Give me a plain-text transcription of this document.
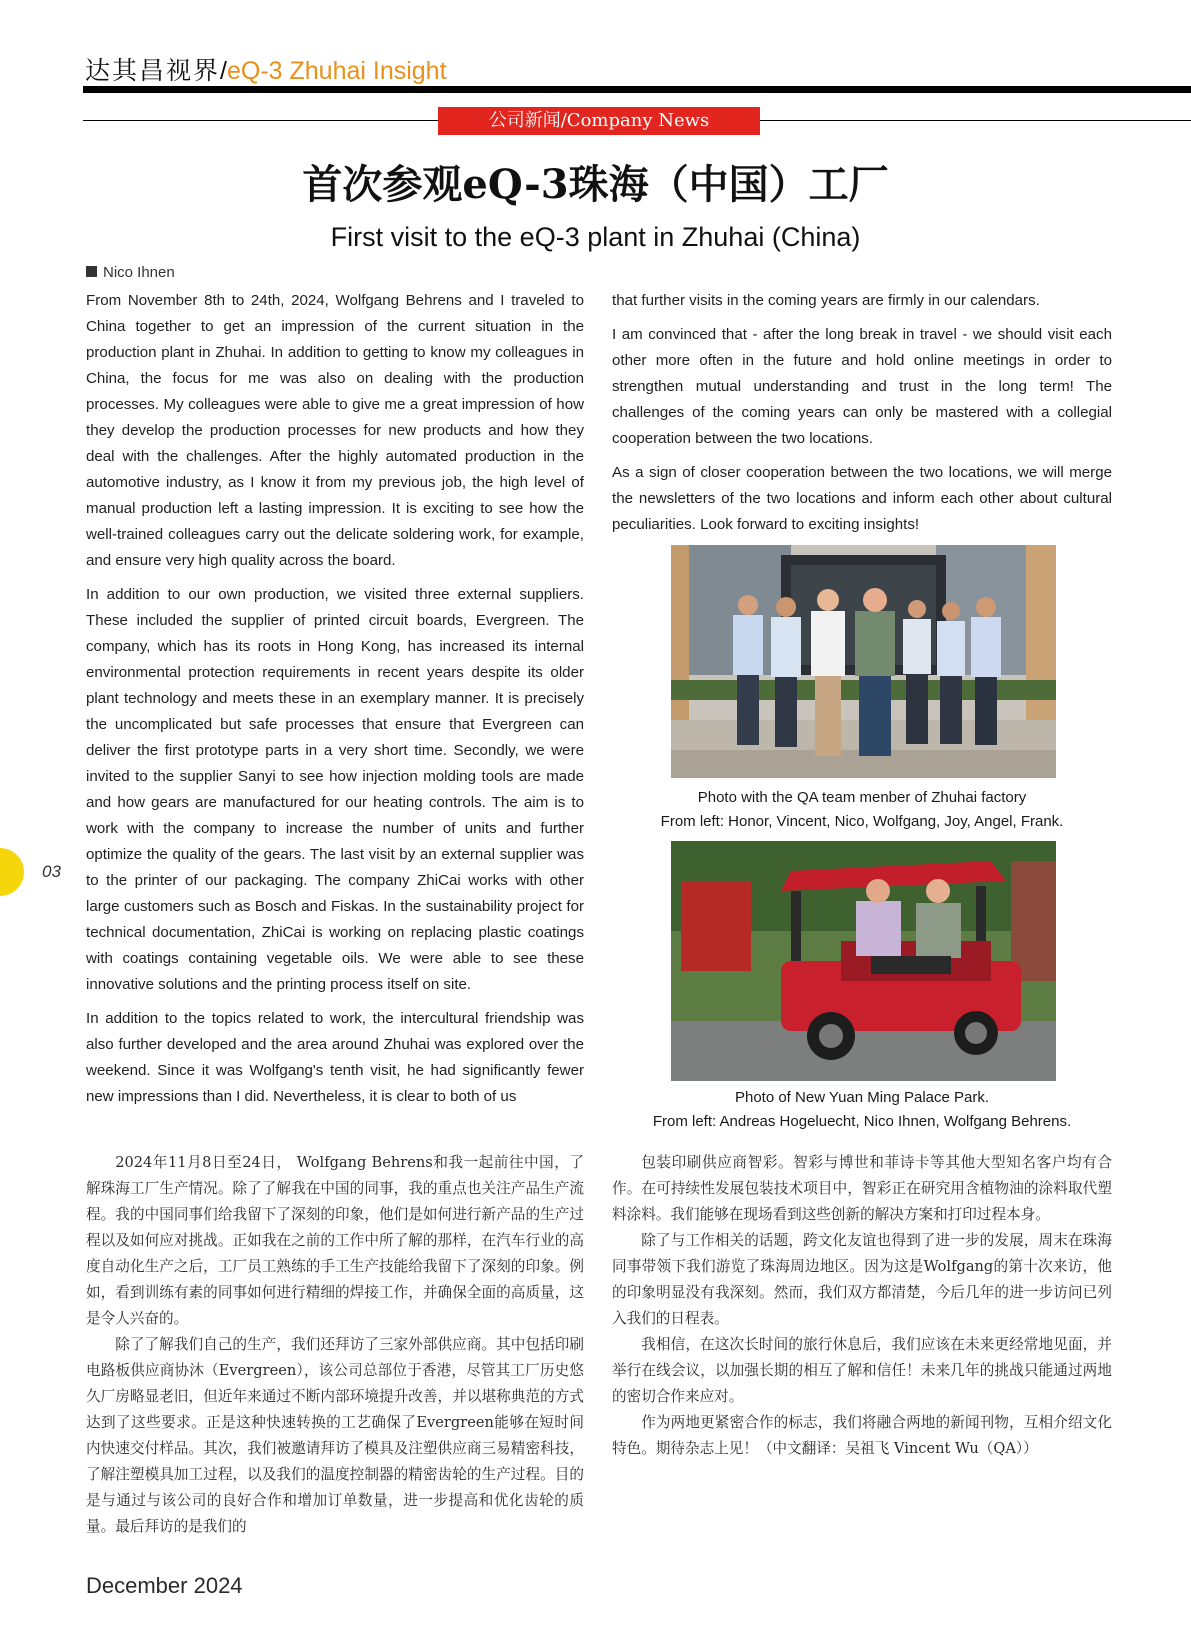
达其昌视界/eQ-3 Zhuhai Insight
公司新闻/Company News
首次参观eQ-3珠海（中国）工厂
First visit to the eQ-3 plant in Zhuhai (China)
Nico Ihnen

From November 8th to 24th, 2024, Wolfgang Behrens and I traveled to China together to get an impression of the current situation in the production plant in Zhuhai. In addition to getting to know my colleagues in China, the focus for me was also on dealing with the production processes. My colleagues were able to give me a great impression of how they develop the production processes for new products and how they deal with the challenges. After the highly automated production in the automotive industry, as I know it from my previous job, the high level of manual production left a lasting impression. It is exciting to see how the well-trained colleagues carry out the delicate soldering work, for example, and ensure very high quality across the board.

In addition to our own production, we visited three external suppliers. These included the supplier of printed circuit boards, Evergreen. The company, which has its roots in Hong Kong, has increased its internal environmental protection requirements in recent years despite its older plant technology and meets these in an exemplary manner. It is precisely the uncomplicated but safe processes that ensure that Evergreen can deliver the first prototype parts in a very short time. Secondly, we were invited to the supplier Sanyi to see how injection molding tools are made and how gears are manufactured for our heating controls. The aim is to work with the company to increase the number of units and further optimize the quality of the gears. The last visit by an external supplier was to the printer of our packaging. The company ZhiCai works with other large customers such as Bosch and Fiskas. In the sustainability project for technical documentation, ZhiCai is working on replacing plastic coatings with coatings containing vegetable oils. We were able to see these innovative solutions and the printing process itself on site.

In addition to the topics related to work, the intercultural friendship was also further developed and the area around Zhuhai was explored over the weekend. Since it was Wolfgang's tenth visit, he had significantly fewer new impressions than I did. Nevertheless, it is clear to both of us

that further visits in the coming years are firmly in our calendars.

I am convinced that - after the long break in travel - we should visit each other more often in the future and hold online meetings in order to strengthen mutual understanding and trust in the long term! The challenges of the coming years can only be mastered with a collegial cooperation between the two locations.

As a sign of closer cooperation between the two locations, we will merge the newsletters of the two locations and inform each other about cultural peculiarities. Look forward to exciting insights!

Photo with the QA team menber of Zhuhai factory
From left: Honor, Vincent, Nico, Wolfgang, Joy, Angel, Frank.
Photo of New Yuan Ming Palace Park.
From left: Andreas Hogeluecht, Nico Ihnen, Wolfgang Behrens.

2024年11月8日至24日， Wolfgang Behrens和我一起前往中国，了解珠海工厂生产情况。除了了解我在中国的同事，我的重点也关注产品生产流程。我的中国同事们给我留下了深刻的印象，他们是如何进行新产品的生产过程以及如何应对挑战。正如我在之前的工作中所了解的那样，在汽车行业的高度自动化生产之后，工厂员工熟练的手工生产技能给我留下了深刻的印象。例如，看到训练有素的同事如何进行精细的焊接工作，并确保全面的高质量，这是令人兴奋的。

除了了解我们自己的生产，我们还拜访了三家外部供应商。其中包括印刷电路板供应商协沐（Evergreen），该公司总部位于香港，尽管其工厂历史悠久厂房略显老旧，但近年来通过不断内部环境提升改善，并以堪称典范的方式达到了这些要求。正是这种快速转换的工艺确保了Evergreen能够在短时间内快速交付样品。其次，我们被邀请拜访了模具及注塑供应商三易精密科技，了解注塑模具加工过程，以及我们的温度控制器的精密齿轮的生产过程。目的是与通过与该公司的良好合作和增加订单数量，进一步提高和优化齿轮的质量。最后拜访的是我们的

包装印刷供应商智彩。智彩与博世和菲诗卡等其他大型知名客户均有合作。在可持续性发展包装技术项目中，智彩正在研究用含植物油的涂料取代塑料涂料。我们能够在现场看到这些创新的解决方案和打印过程本身。

除了与工作相关的话题，跨文化友谊也得到了进一步的发展，周末在珠海同事带领下我们游览了珠海周边地区。因为这是Wolfgang的第十次来访，他的印象明显没有我深刻。然而，我们双方都清楚，今后几年的进一步访问已列入我们的日程表。

我相信，在这次长时间的旅行休息后，我们应该在未来更经常地见面，并举行在线会议，以加强长期的相互了解和信任！未来几年的挑战只能通过两地的密切合作来应对。

作为两地更紧密合作的标志，我们将融合两地的新闻刊物，互相介绍文化特色。期待杂志上见！（中文翻译：吴祖飞 Vincent Wu（QA））

03
December 2024
